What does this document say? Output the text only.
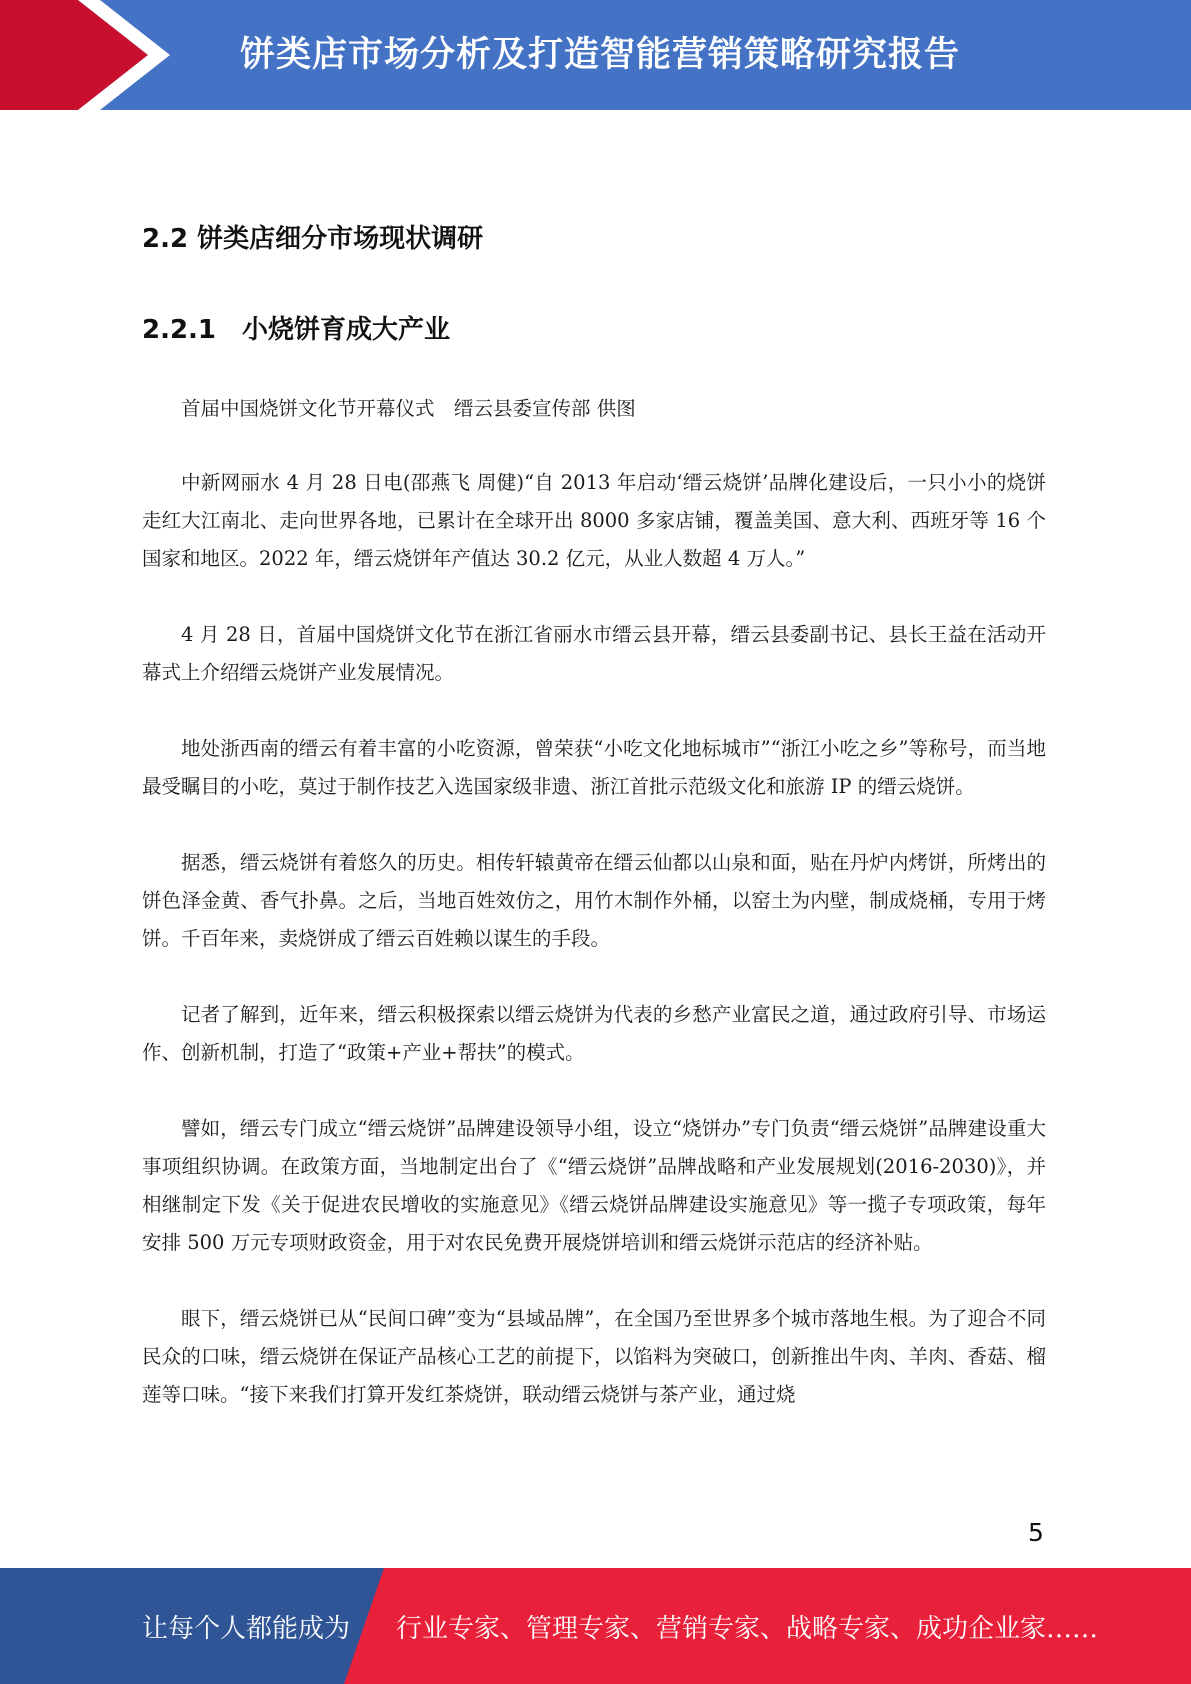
饼类店市场分析及打造智能营销策略研究报告
2.2 饼类店细分市场现状调研
2.2.1 小烧饼育成大产业

首届中国烧饼文化节开幕仪式　缙云县委宣传部 供图

中新网丽水 4 月 28 日电(邵燕飞 周健)“自 2013 年启动‘缙云烧饼’品牌化建设后，一只小小的烧饼走红大江南北、走向世界各地，已累计在全球开出 8000 多家店铺，覆盖美国、意大利、西班牙等 16 个国家和地区。2022 年，缙云烧饼年产值达 30.2 亿元，从业人数超 4 万人。”

4 月 28 日，首届中国烧饼文化节在浙江省丽水市缙云县开幕，缙云县委副书记、县长王益在活动开幕式上介绍缙云烧饼产业发展情况。

地处浙西南的缙云有着丰富的小吃资源，曾荣获“小吃文化地标城市”“浙江小吃之乡”等称号，而当地最受瞩目的小吃，莫过于制作技艺入选国家级非遗、浙江首批示范级文化和旅游 IP 的缙云烧饼。

据悉，缙云烧饼有着悠久的历史。相传轩辕黄帝在缙云仙都以山泉和面，贴在丹炉内烤饼，所烤出的饼色泽金黄、香气扑鼻。之后，当地百姓效仿之，用竹木制作外桶，以窑土为内壁，制成烧桶，专用于烤饼。千百年来，卖烧饼成了缙云百姓赖以谋生的手段。

记者了解到，近年来，缙云积极探索以缙云烧饼为代表的乡愁产业富民之道，通过政府引导、市场运作、创新机制，打造了“政策+产业+帮扶”的模式。

譬如，缙云专门成立“缙云烧饼”品牌建设领导小组，设立“烧饼办”专门负责“缙云烧饼”品牌建设重大事项组织协调。在政策方面，当地制定出台了《“缙云烧饼”品牌战略和产业发展规划(2016-2030)》，并相继制定下发《关于促进农民增收的实施意见》《缙云烧饼品牌建设实施意见》等一揽子专项政策，每年安排 500 万元专项财政资金，用于对农民免费开展烧饼培训和缙云烧饼示范店的经济补贴。

眼下，缙云烧饼已从“民间口碑”变为“县域品牌”，在全国乃至世界多个城市落地生根。为了迎合不同民众的口味，缙云烧饼在保证产品核心工艺的前提下，以馅料为突破口，创新推出牛肉、羊肉、香菇、榴莲等口味。“接下来我们打算开发红茶烧饼，联动缙云烧饼与茶产业，通过烧

5
让每个人都能成为 行业专家、管理专家、营销专家、战略专家、成功企业家……
